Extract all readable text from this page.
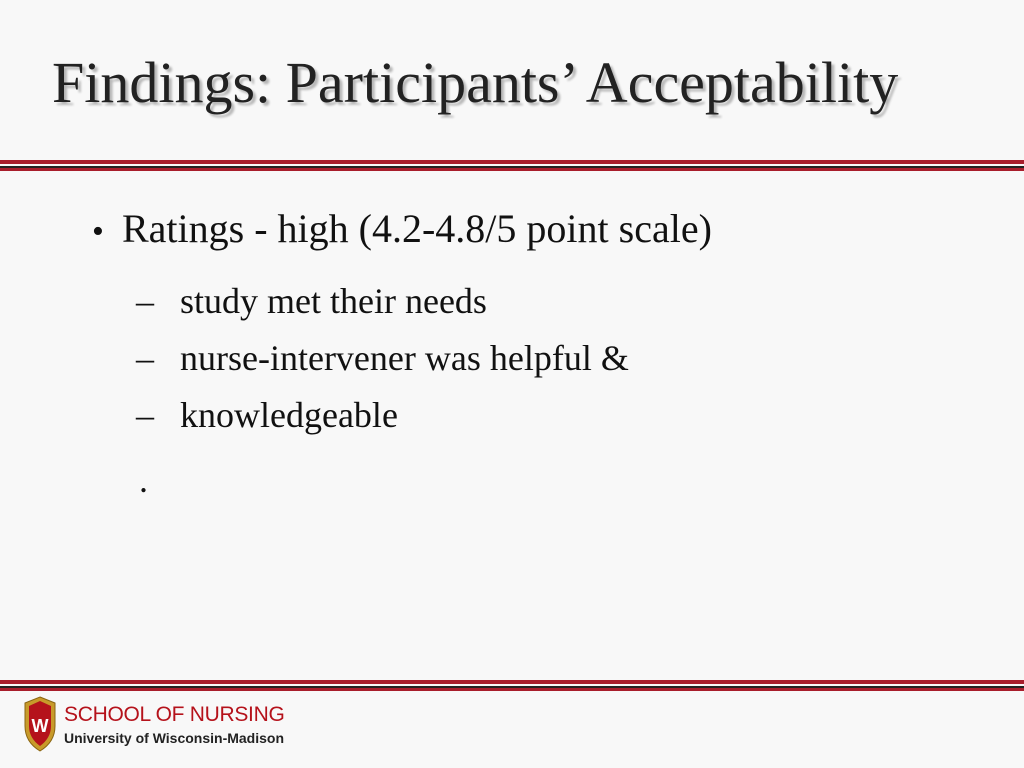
Findings: Participants’ Acceptability
• Ratings - high (4.2-4.8/5 point scale)
– study met their needs
– nurse-intervener was helpful &
– knowledgeable
.
W
SCHOOL OF NURSING
University of Wisconsin-Madison
